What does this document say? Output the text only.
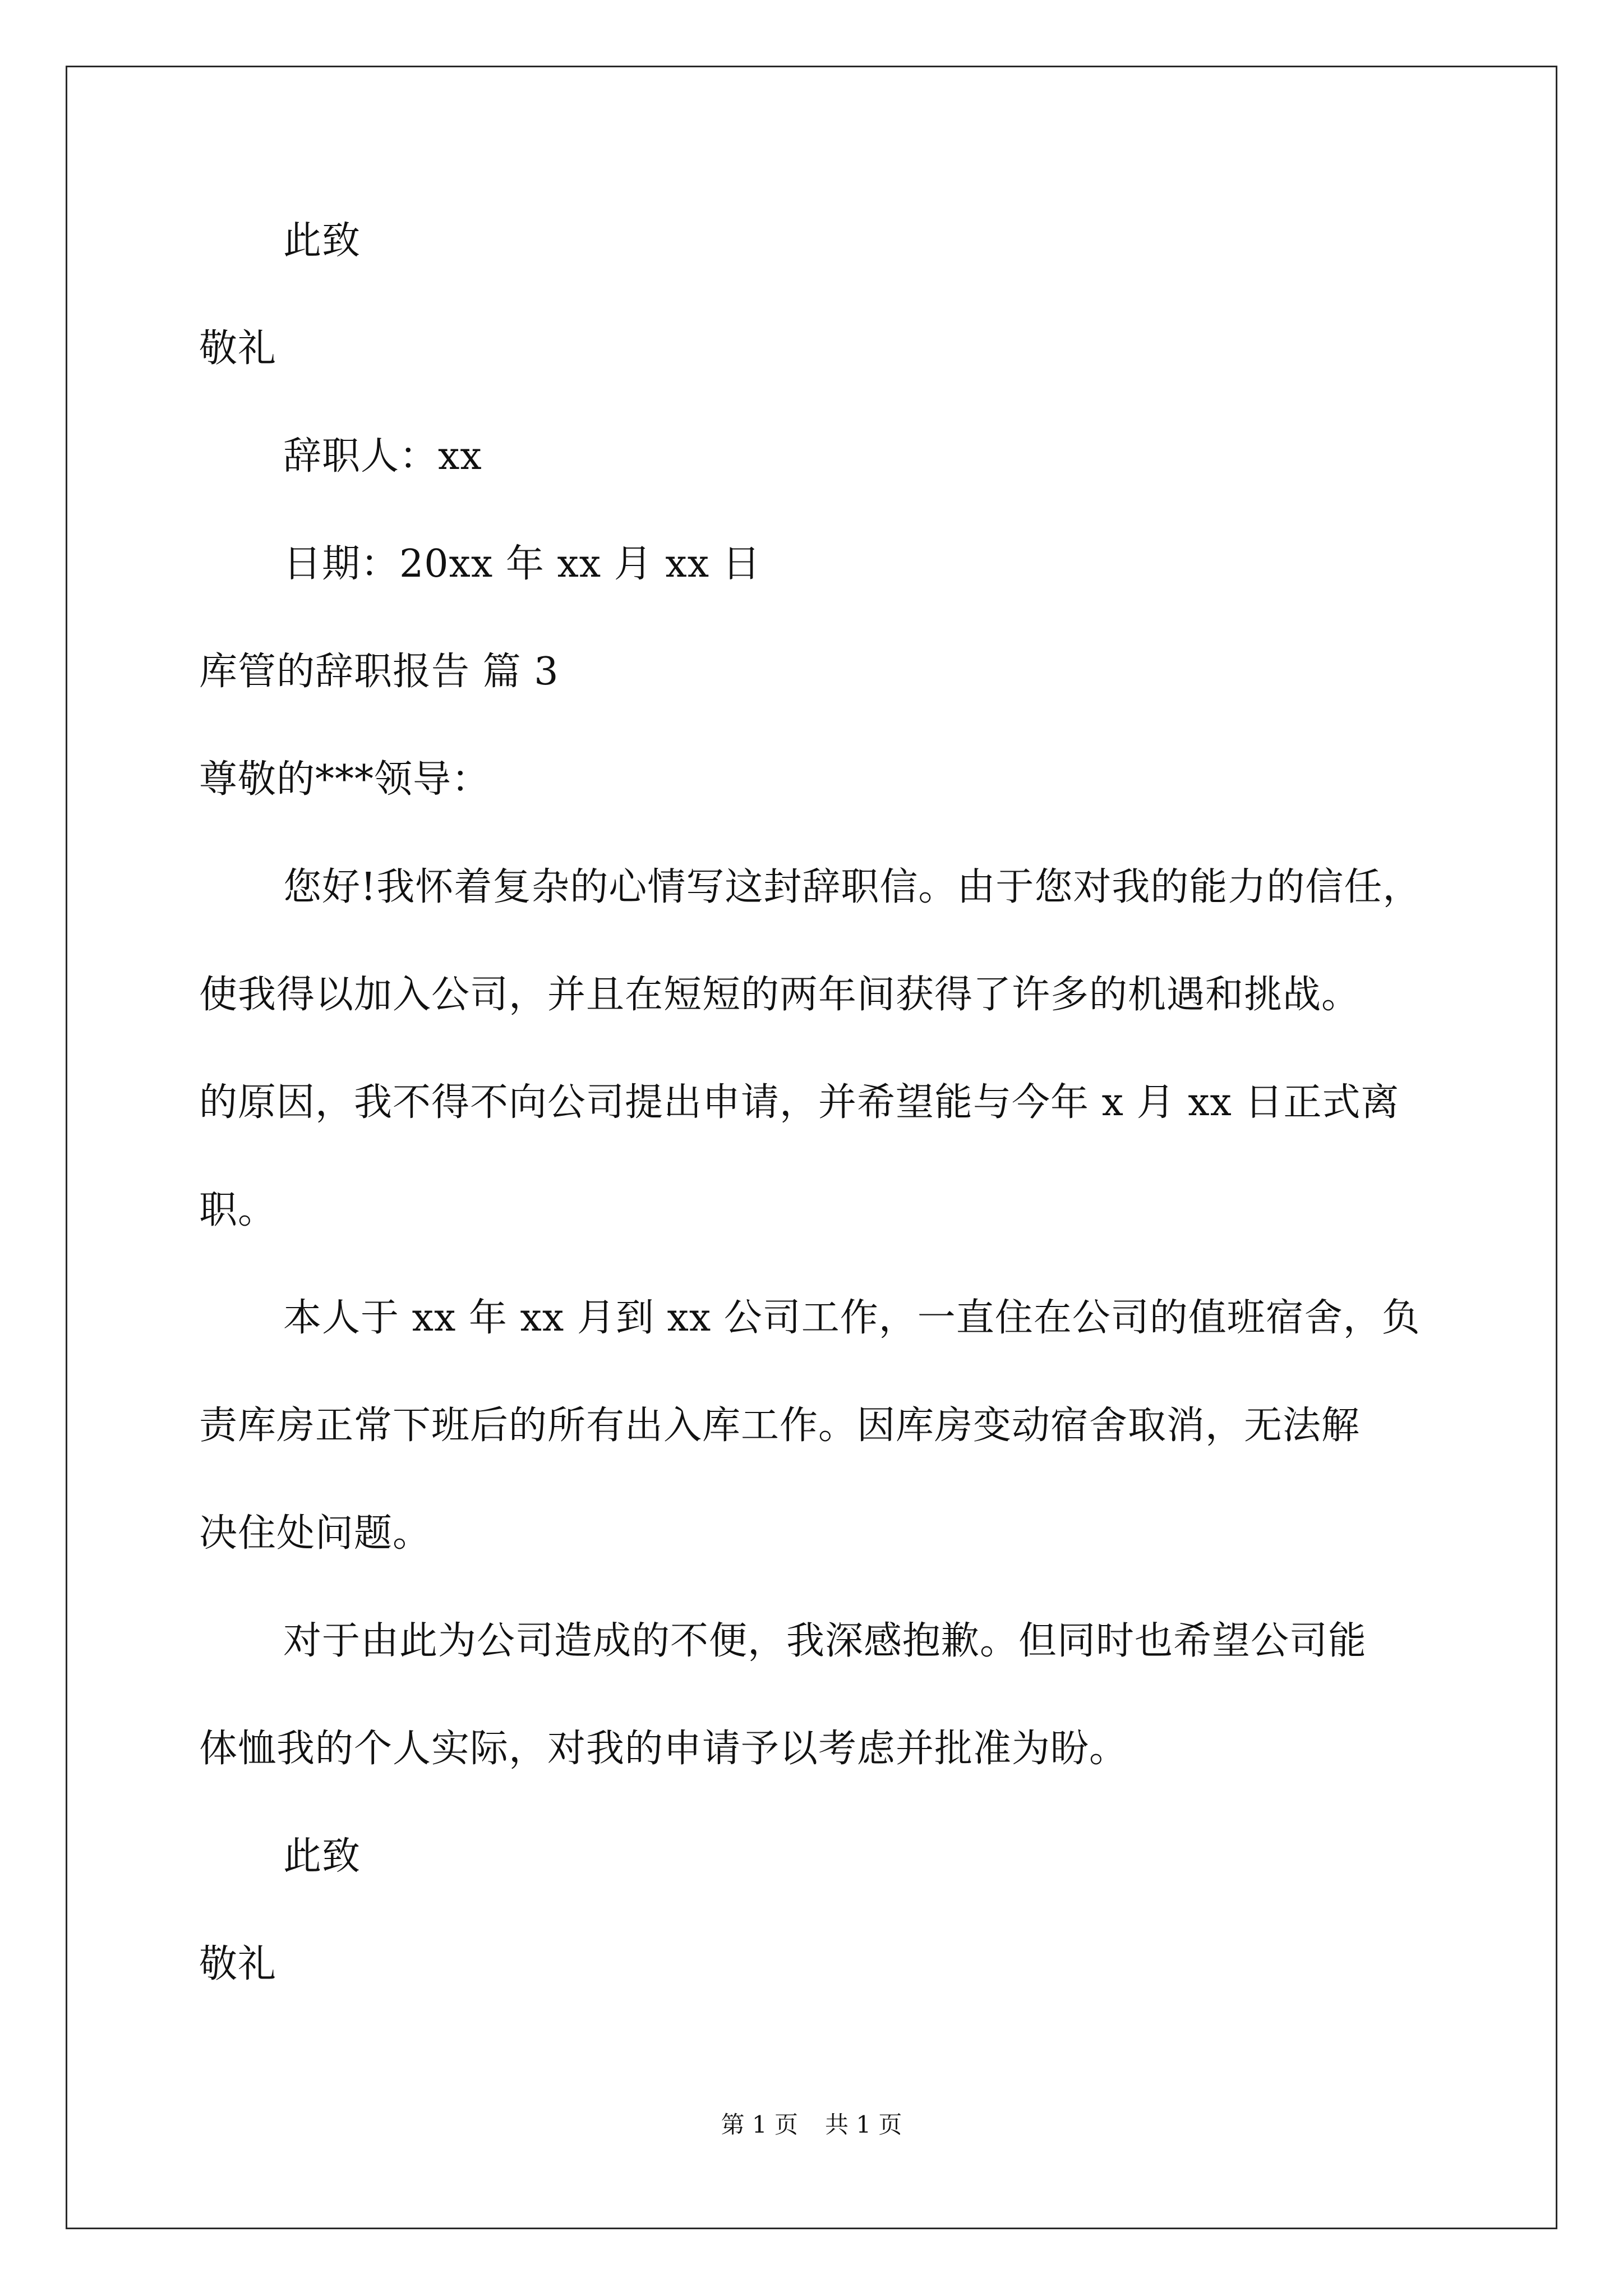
此致
敬礼
辞职人：xx
日期：20xx 年 xx 月 xx 日
库管的辞职报告 篇 3
尊敬的***领导：
您好!我怀着复杂的心情写这封辞职信。由于您对我的能力的信任，
使我得以加入公司，并且在短短的两年间获得了许多的机遇和挑战。
的原因，我不得不向公司提出申请，并希望能与今年 x 月 xx 日正式离
职。
本人于 xx 年 xx 月到 xx 公司工作，一直住在公司的值班宿舍，负
责库房正常下班后的所有出入库工作。因库房变动宿舍取消，无法解
决住处问题。
对于由此为公司造成的不便，我深感抱歉。但同时也希望公司能
体恤我的个人实际，对我的申请予以考虑并批准为盼。
此致
敬礼
第 1 页 共 1 页
